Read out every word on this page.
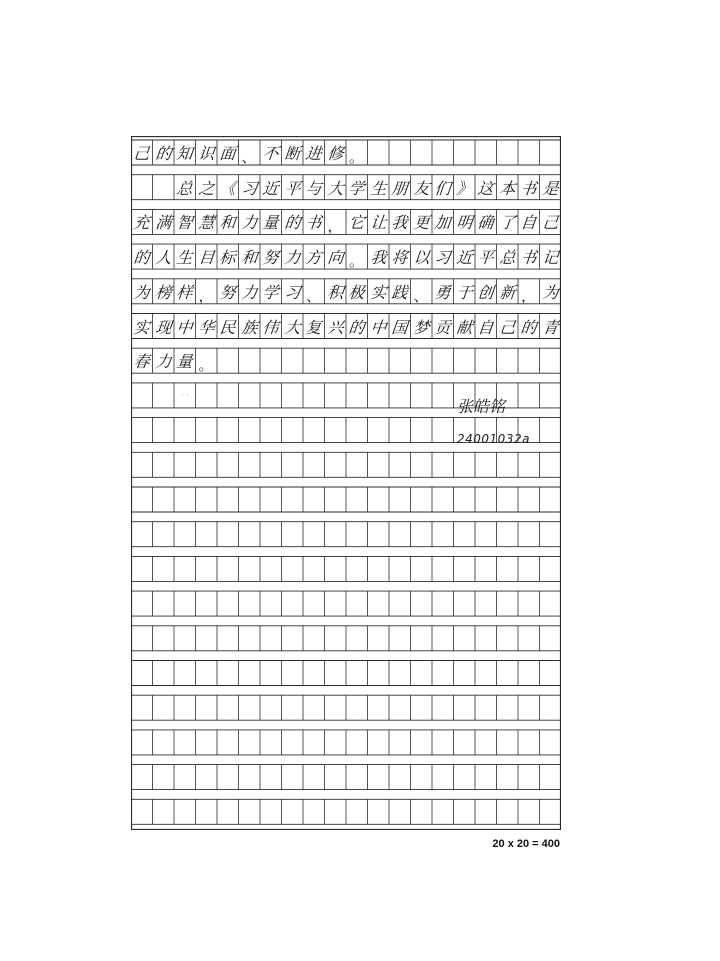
己 的 知 识 面 、 不 断 进 修 。
总 之 《 习 近 平 与 大 学 生 朋 友 们 》 这 本 书 是
充 满 智 慧 和 力 量 的 书 ， 它 让 我 更 加 明 确 了 自 己
的 人 生 目 标 和 努 力 方 向 。 我 将 以 习 近 平 总 书 记
为 榜 样 ， 努 力 学 习 、 积 极 实 践 、 勇 于 创 新 ， 为
实 现 中 华 民 族 伟 大 复 兴 的 中 国 梦 贡 献 自 己 的 青
春 力 量 。
· ·
张皓铭
24001032a
20 x 20 = 400
